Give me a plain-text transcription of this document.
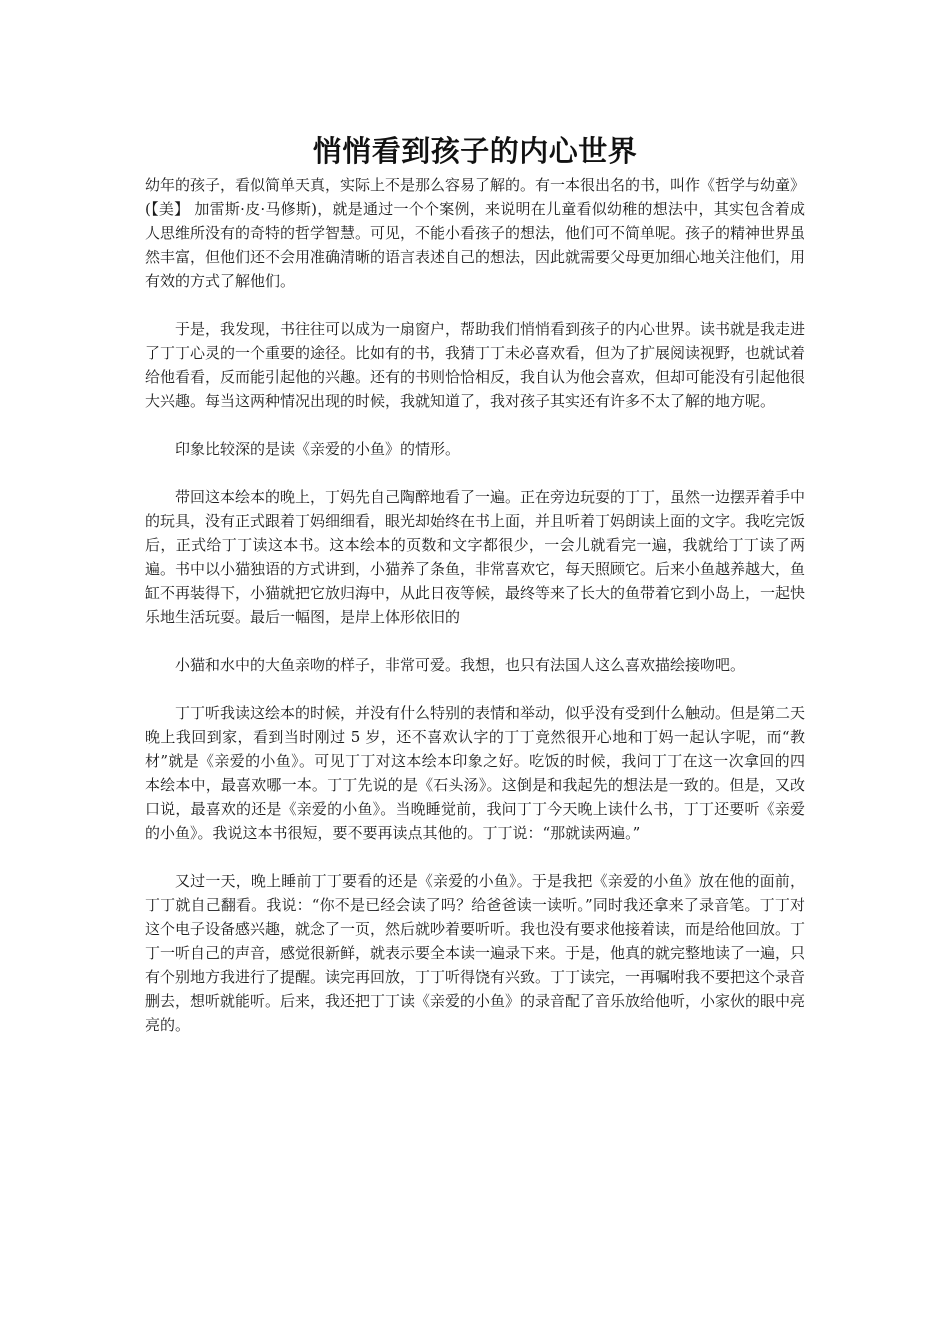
悄悄看到孩子的内心世界

幼年的孩子，看似简单天真，实际上不是那么容易了解的。有一本很出名的书，叫作《哲学与幼童》(【美】 加雷斯·皮·马修斯)，就是通过一个个案例，来说明在儿童看似幼稚的想法中，其实包含着成人思维所没有的奇特的哲学智慧。可见，不能小看孩子的想法，他们可不简单呢。孩子的精神世界虽然丰富，但他们还不会用准确清晰的语言表述自己的想法，因此就需要父母更加细心地关注他们，用有效的方式了解他们。

于是，我发现，书往往可以成为一扇窗户，帮助我们悄悄看到孩子的内心世界。读书就是我走进了丁丁心灵的一个重要的途径。比如有的书，我猜丁丁未必喜欢看，但为了扩展阅读视野，也就试着给他看看，反而能引起他的兴趣。还有的书则恰恰相反，我自认为他会喜欢，但却可能没有引起他很大兴趣。每当这两种情况出现的时候，我就知道了，我对孩子其实还有许多不太了解的地方呢。

印象比较深的是读《亲爱的小鱼》的情形。

带回这本绘本的晚上，丁妈先自己陶醉地看了一遍。正在旁边玩耍的丁丁，虽然一边摆弄着手中的玩具，没有正式跟着丁妈细细看，眼光却始终在书上面，并且听着丁妈朗读上面的文字。我吃完饭后，正式给丁丁读这本书。这本绘本的页数和文字都很少，一会儿就看完一遍，我就给丁丁读了两遍。书中以小猫独语的方式讲到，小猫养了条鱼，非常喜欢它，每天照顾它。后来小鱼越养越大，鱼缸不再装得下，小猫就把它放归海中，从此日夜等候，最终等来了长大的鱼带着它到小岛上，一起快乐地生活玩耍。最后一幅图，是岸上体形依旧的

小猫和水中的大鱼亲吻的样子，非常可爱。我想，也只有法国人这么喜欢描绘接吻吧。

丁丁听我读这绘本的时候，并没有什么特别的表情和举动，似乎没有受到什么触动。但是第二天晚上我回到家，看到当时刚过 5 岁，还不喜欢认字的丁丁竟然很开心地和丁妈一起认字呢，而“教材”就是《亲爱的小鱼》。可见丁丁对这本绘本印象之好。吃饭的时候，我问丁丁在这一次拿回的四本绘本中，最喜欢哪一本。丁丁先说的是《石头汤》。这倒是和我起先的想法是一致的。但是，又改口说，最喜欢的还是《亲爱的小鱼》。当晚睡觉前，我问丁丁今天晚上读什么书，丁丁还要听《亲爱的小鱼》。我说这本书很短，要不要再读点其他的。丁丁说：“那就读两遍。”

又过一天，晚上睡前丁丁要看的还是《亲爱的小鱼》。于是我把《亲爱的小鱼》放在他的面前，丁丁就自己翻看。我说：“你不是已经会读了吗？给爸爸读一读听。”同时我还拿来了录音笔。丁丁对这个电子设备感兴趣，就念了一页，然后就吵着要听听。我也没有要求他接着读，而是给他回放。丁丁一听自己的声音，感觉很新鲜，就表示要全本读一遍录下来。于是，他真的就完整地读了一遍，只有个别地方我进行了提醒。读完再回放，丁丁听得饶有兴致。丁丁读完，一再嘱咐我不要把这个录音删去，想听就能听。后来，我还把丁丁读《亲爱的小鱼》的录音配了音乐放给他听，小家伙的眼中亮亮的。
